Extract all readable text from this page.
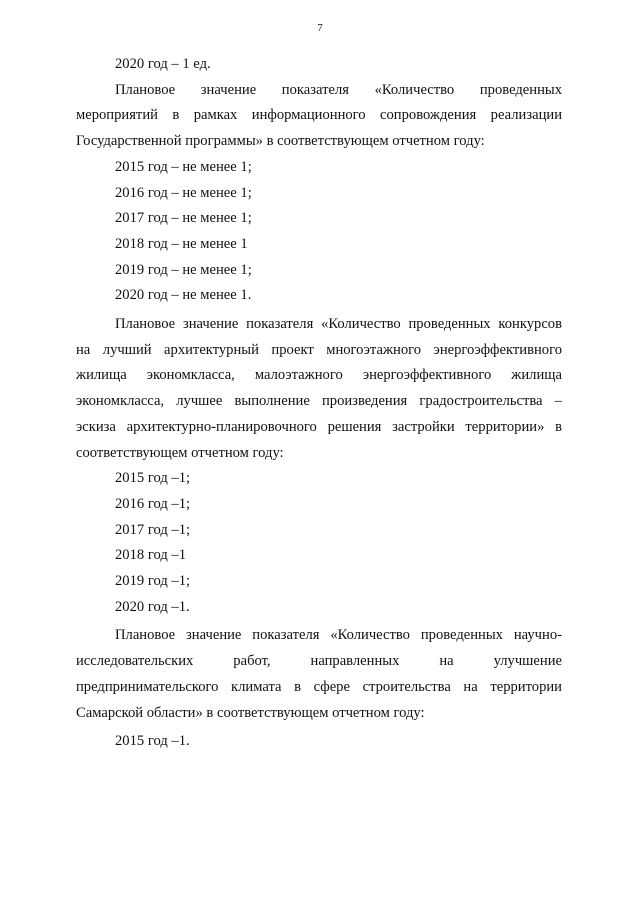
7
2020 год – 1 ед.
Плановое значение показателя «Количество проведенных
мероприятий в рамках информационного сопровождения реализации
Государственной программы» в соответствующем отчетном году:
2015 год – не менее 1;
2016 год – не менее 1;
2017 год – не менее 1;
2018 год – не менее 1
2019 год – не менее 1;
2020 год – не менее 1.
Плановое значение показателя «Количество проведенных конкурсов
на лучший архитектурный проект многоэтажного энергоэффективного
жилища экономкласса, малоэтажного энергоэффективного жилища
экономкласса, лучшее выполнение произведения градостроительства –
эскиза архитектурно-планировочного решения застройки территории» в
соответствующем отчетном году:
2015 год –1;
2016 год –1;
2017 год –1;
2018 год –1
2019 год –1;
2020 год –1.
Плановое значение показателя «Количество проведенных научно-
исследовательских работ, направленных на улучшение
предпринимательского климата в сфере строительства на территории
Самарской области» в соответствующем отчетном году:
2015 год –1.
